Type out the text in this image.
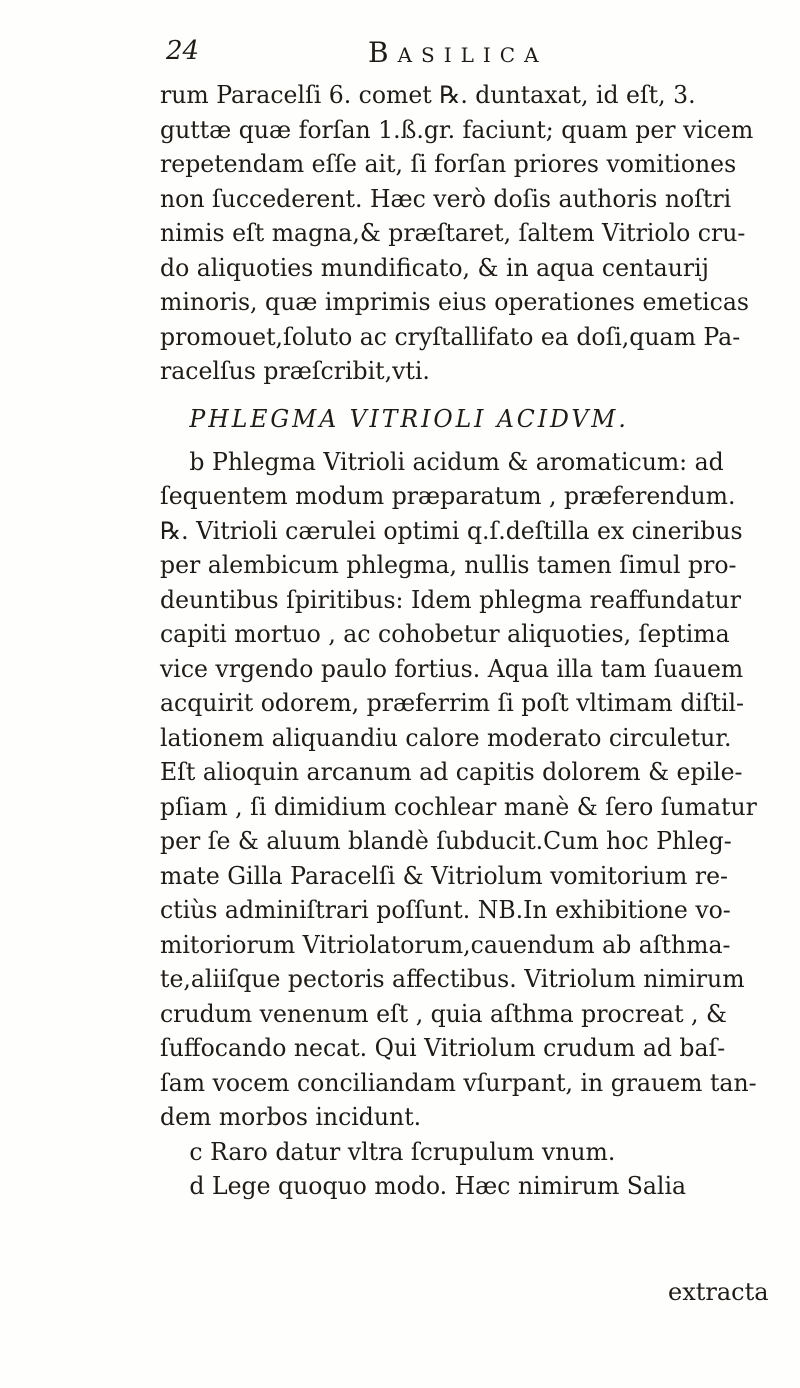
24	Basilica
rum Paracelſi 6. comet ℞. duntaxat, id eſt, 3.
guttæ quæ forſan 1.ß.gr. faciunt; quam per vicem
repetendam eſſe ait, ſi forſan priores vomitiones
non ſuccederent. Hæc verò doſis authoris noſtri
nimis eſt magna,& præſtaret, ſaltem Vitriolo cru-
do aliquoties mundificato, & in aqua centaurij
minoris, quæ imprimis eius operationes emeticas
promouet,ſoluto ac cryſtallifato ea doſi,quam Pa-
racelſus præſcribit,vti.
PHLEGMA VITRIOLI ACIDVM.
b Phlegma Vitrioli acidum & aromaticum: ad
ſequentem modum præparatum , præferendum.
℞. Vitrioli cærulei optimi q.ſ.deſtilla ex cineribus
per alembicum phlegma, nullis tamen ſimul pro-
deuntibus ſpiritibus: Idem phlegma reaffundatur
capiti mortuo , ac cohobetur aliquoties, ſeptima
vice vrgendo paulo fortius. Aqua illa tam ſuauem
acquirit odorem, præferrim ſi poſt vltimam diſtil-
lationem aliquandiu calore moderato circuletur.
Eſt alioquin arcanum ad capitis dolorem & epile-
pſiam , ſi dimidium cochlear manè & ſero ſumatur
per ſe & aluum blandè ſubducit.Cum hoc Phleg-
mate Gilla Paracelſi & Vitriolum vomitorium re-
ctiùs adminiſtrari poſſunt. NB.In exhibitione vo-
mitoriorum Vitriolatorum,cauendum ab aſthma-
te,aliiſque pectoris affectibus. Vitriolum nimirum
crudum venenum eſt , quia aſthma procreat , &
ſuffocando necat. Qui Vitriolum crudum ad baſ-
ſam vocem conciliandam vſurpant, in grauem tan-
dem morbos incidunt.
c Raro datur vltra ſcrupulum vnum.
d Lege quoquo modo. Hæc nimirum Salia
extracta
